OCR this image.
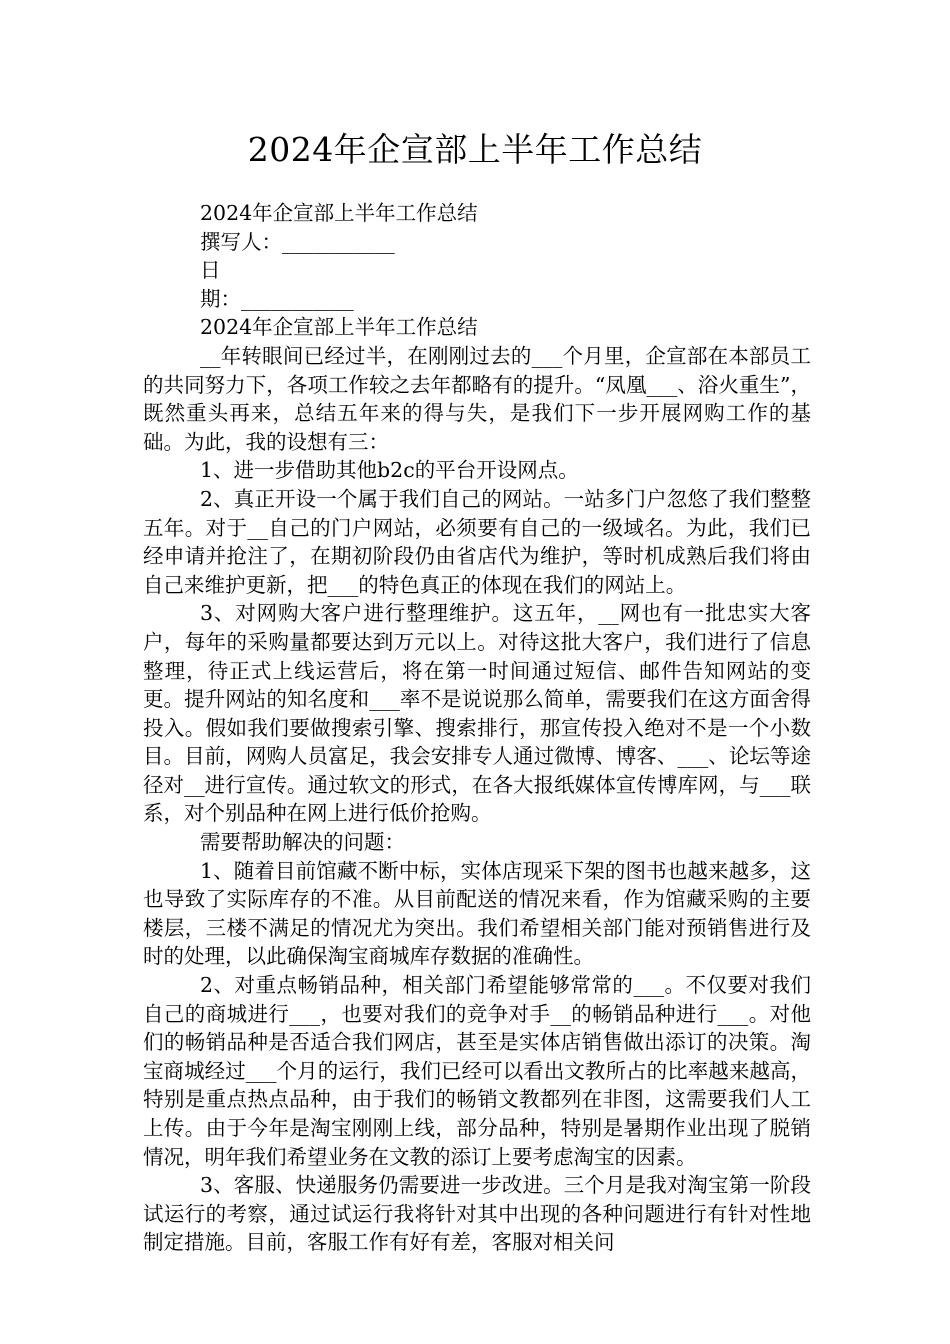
2024年企宣部上半年工作总结

2024年企宣部上半年工作总结

撰写人：___________

日

期：___________

2024年企宣部上半年工作总结

__年转眼间已经过半，在刚刚过去的___个月里，企宣部在本部员工的共同努力下，各项工作较之去年都略有的提升。“凤凰___、浴火重生”，既然重头再来，总结五年来的得与失，是我们下一步开展网购工作的基础。为此，我的设想有三：

1、进一步借助其他b2c的平台开设网点。

2、真正开设一个属于我们自己的网站。一站多门户忽悠了我们整整五年。对于__自己的门户网站，必须要有自己的一级域名。为此，我们已经申请并抢注了，在期初阶段仍由省店代为维护，等时机成熟后我们将由自己来维护更新，把___的特色真正的体现在我们的网站上。

3、对网购大客户进行整理维护。这五年，__网也有一批忠实大客户，每年的采购量都要达到万元以上。对待这批大客户，我们进行了信息整理，待正式上线运营后，将在第一时间通过短信、邮件告知网站的变更。提升网站的知名度和___率不是说说那么简单，需要我们在这方面舍得投入。假如我们要做搜索引擎、搜索排行，那宣传投入绝对不是一个小数目。目前，网购人员富足，我会安排专人通过微博、博客、___、论坛等途径对__进行宣传。通过软文的形式，在各大报纸媒体宣传博库网，与___联系，对个别品种在网上进行低价抢购。

需要帮助解决的问题：

1、随着目前馆藏不断中标，实体店现采下架的图书也越来越多，这也导致了实际库存的不准。从目前配送的情况来看，作为馆藏采购的主要楼层，三楼不满足的情况尤为突出。我们希望相关部门能对预销售进行及时的处理，以此确保淘宝商城库存数据的准确性。

2、对重点畅销品种，相关部门希望能够常常的___。不仅要对我们自己的商城进行___，也要对我们的竞争对手__的畅销品种进行___。对他们的畅销品种是否适合我们网店，甚至是实体店销售做出添订的决策。淘宝商城经过___个月的运行，我们已经可以看出文教所占的比率越来越高，特别是重点热点品种，由于我们的畅销文教都列在非图，这需要我们人工上传。由于今年是淘宝刚刚上线，部分品种，特别是暑期作业出现了脱销情况，明年我们希望业务在文教的添订上要考虑淘宝的因素。

3、客服、快递服务仍需要进一步改进。三个月是我对淘宝第一阶段试运行的考察，通过试运行我将针对其中出现的各种问题进行有针对性地制定措施。目前，客服工作有好有差，客服对相关问
